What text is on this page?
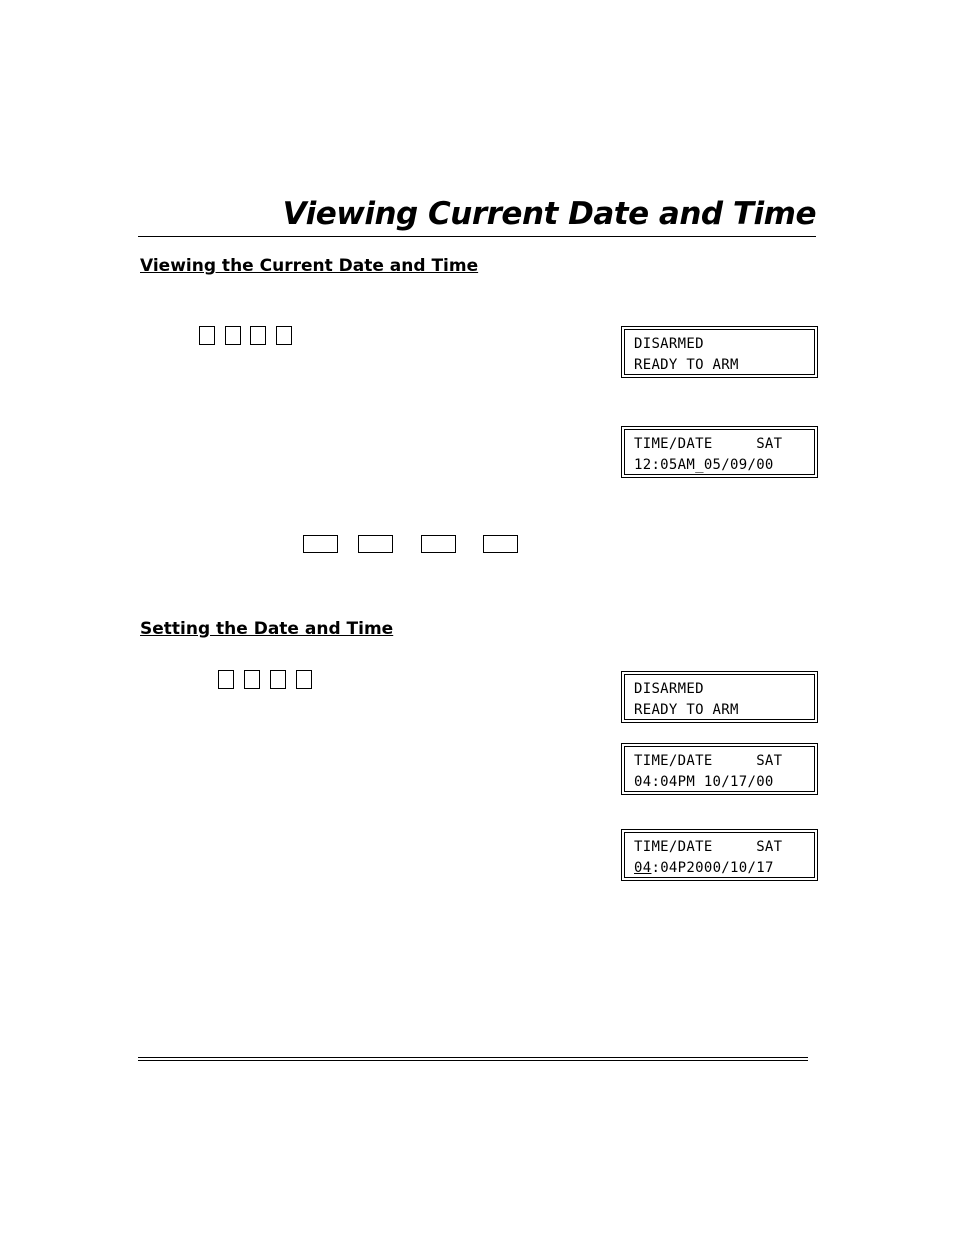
Viewing Current Date and Time
Viewing the Current Date and Time
DISARMED
READY TO ARM
TIME/DATE     SAT
12:05AM_05/09/00
Setting the Date and Time
DISARMED
READY TO ARM
TIME/DATE     SAT
04:04PM 10/17/00
TIME/DATE     SAT
04:04P2000/10/17
